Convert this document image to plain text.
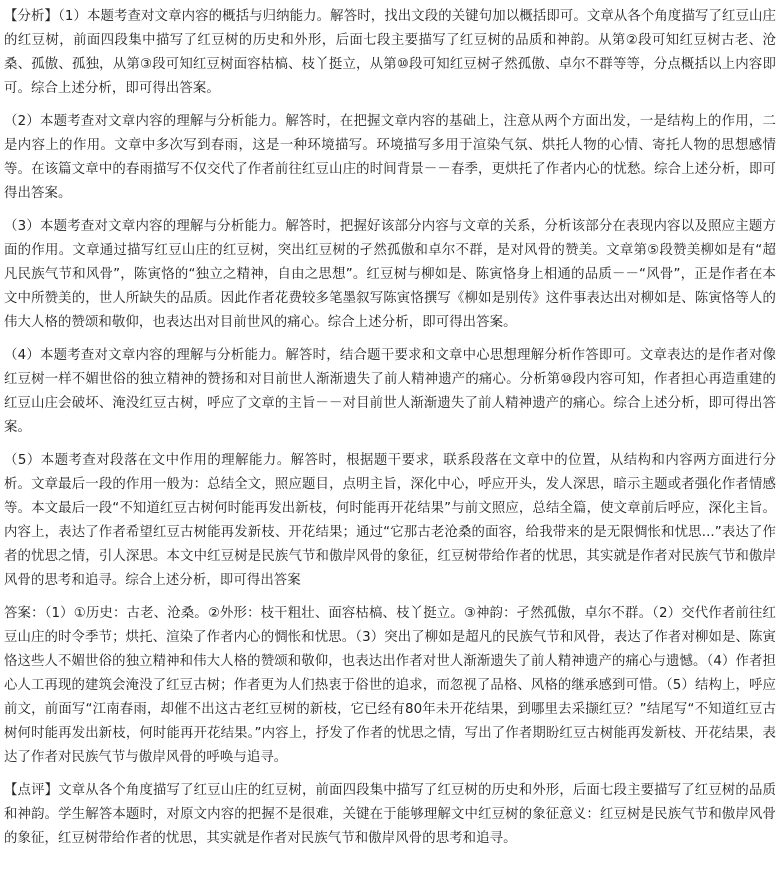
【分析】（1）本题考查对文章内容的概括与归纳能力。解答时，找出文段的关键句加以概括即可。文章从各个角度描写了红豆山庄的红豆树，前面四段集中描写了红豆树的历史和外形，后面七段主要描写了红豆树的品质和神韵。从第②段可知红豆树古老、沧桑、孤傲、孤独，从第③段可知红豆树面容枯槁、枝丫挺立，从第⑩段可知红豆树孑然孤傲、卓尔不群等等，分点概括以上内容即可。综合上述分析，即可得出答案。

（2）本题考查对文章内容的理解与分析能力。解答时，在把握文章内容的基础上，注意从两个方面出发，一是结构上的作用，二是内容上的作用。文章中多次写到春雨，这是一种环境描写。环境描写多用于渲染气氛、烘托人物的心情、寄托人物的思想感情等。在该篇文章中的春雨描写不仅交代了作者前往红豆山庄的时间背景－－春季，更烘托了作者内心的忧愁。综合上述分析，即可得出答案。

（3）本题考查对文章内容的理解与分析能力。解答时，把握好该部分内容与文章的关系，分析该部分在表现内容以及照应主题方面的作用。文章通过描写红豆山庄的红豆树，突出红豆树的孑然孤傲和卓尔不群，是对风骨的赞美。文章第⑤段赞美柳如是有“超凡民族气节和风骨”，陈寅恪的“独立之精神，自由之思想”。红豆树与柳如是、陈寅恪身上相通的品质－－“风骨”，正是作者在本文中所赞美的，世人所缺失的品质。因此作者花费较多笔墨叙写陈寅恪撰写《柳如是别传》这件事表达出对柳如是、陈寅恪等人的伟大人格的赞颂和敬仰，也表达出对目前世风的痛心。综合上述分析，即可得出答案。

（4）本题考查对文章内容的理解与分析能力。解答时，结合题干要求和文章中心思想理解分析作答即可。文章表达的是作者对像红豆树一样不媚世俗的独立精神的赞扬和对目前世人渐渐遗失了前人精神遗产的痛心。分析第⑩段内容可知，作者担心再造重建的红豆山庄会破坏、淹没红豆古树，呼应了文章的主旨－－对目前世人渐渐遗失了前人精神遗产的痛心。综合上述分析，即可得出答案。

（5）本题考查对段落在文中作用的理解能力。解答时，根据题干要求，联系段落在文章中的位置，从结构和内容两方面进行分析。文章最后一段的作用一般为：总结全文，照应题目，点明主旨，深化中心，呼应开头，发人深思，暗示主题或者强化作者情感等。本文最后一段“不知道红豆古树何时能再发出新枝，何时能再开花结果”与前文照应，总结全篇，使文章前后呼应，深化主旨。内容上，表达了作者希望红豆古树能再发新枝、开花结果；通过“它那古老沧桑的面容，给我带来的是无限惆怅和忧思...”表达了作者的忧思之情，引人深思。本文中红豆树是民族气节和傲岸风骨的象征，红豆树带给作者的忧思，其实就是作者对民族气节和傲岸风骨的思考和追寻。综合上述分析，即可得出答案

答案：（1）①历史：古老、沧桑。②外形：枝干粗壮、面容枯槁、枝丫挺立。③神韵：孑然孤傲，卓尔不群。（2）交代作者前往红豆山庄的时令季节；烘托、渲染了作者内心的惆怅和忧思。（3）突出了柳如是超凡的民族气节和风骨，表达了作者对柳如是、陈寅恪这些人不媚世俗的独立精神和伟大人格的赞颂和敬仰，也表达出作者对世人渐渐遗失了前人精神遗产的痛心与遗憾。（4）作者担心人工再现的建筑会淹没了红豆古树；作者更为人们热衷于俗世的追求，而忽视了品格、风格的继承感到可惜。（5）结构上，呼应前文，前面写“江南春雨，却催不出这古老红豆树的新枝，它已经有80年未开花结果，到哪里去采撷红豆？”结尾写“不知道红豆古树何时能再发出新枝，何时能再开花结果。”内容上，抒发了作者的忧思之情，写出了作者期盼红豆古树能再发新枝、开花结果，表达了作者对民族气节与傲岸风骨的呼唤与追寻。

【点评】文章从各个角度描写了红豆山庄的红豆树，前面四段集中描写了红豆树的历史和外形，后面七段主要描写了红豆树的品质和神韵。学生解答本题时，对原文内容的把握不是很难，关键在于能够理解文中红豆树的象征意义：红豆树是民族气节和傲岸风骨的象征，红豆树带给作者的忧思，其实就是作者对民族气节和傲岸风骨的思考和追寻。
